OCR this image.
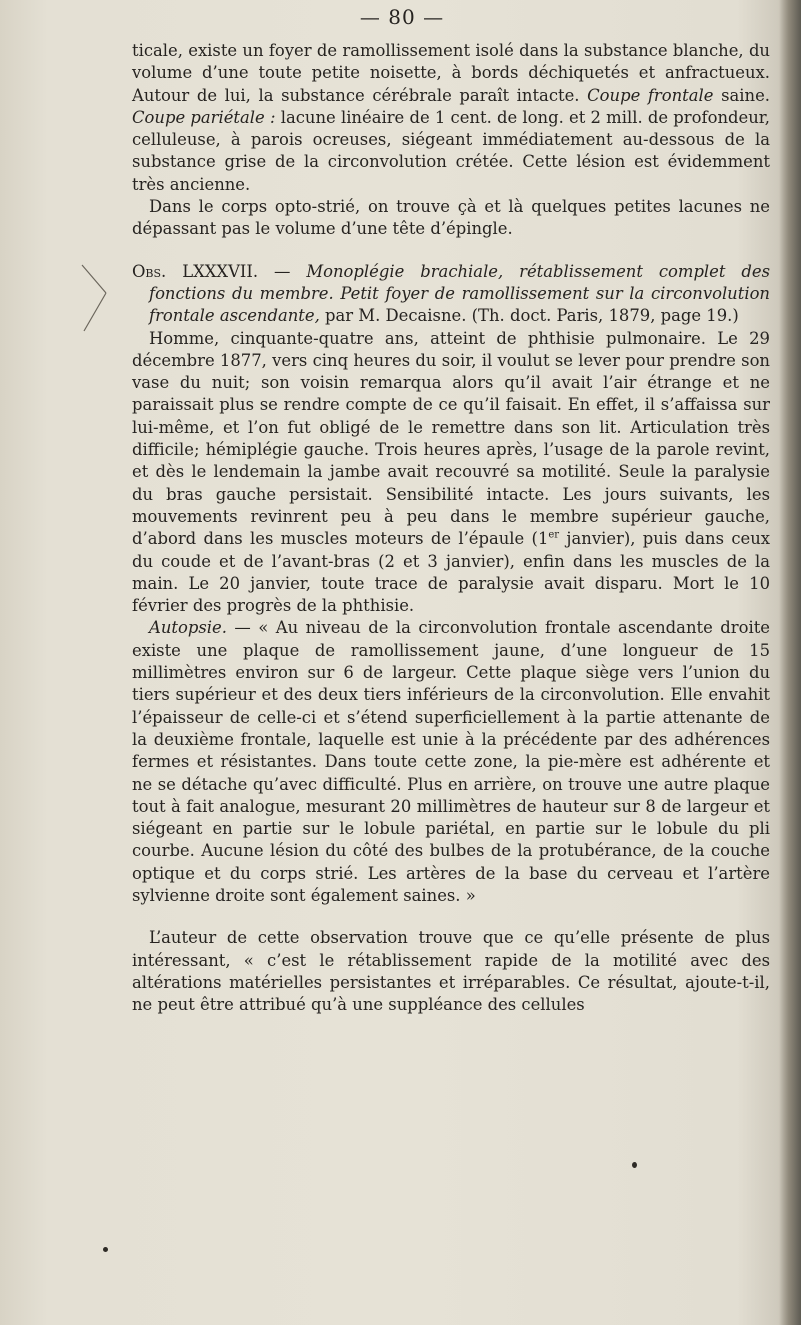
— 80 —

ticale, existe un foyer de ramollissement isolé dans la substance blanche, du volume d’une toute petite noisette, à bords déchiquetés et anfractueux. Autour de lui, la substance cérébrale paraît intacte. Coupe frontale saine. Coupe pariétale : lacune linéaire de 1 cent. de long. et 2 mill. de profondeur, celluleuse, à parois ocreuses, siégeant immédiatement au-dessous de la substance grise de la circonvolution crétée. Cette lésion est évidemment très ancienne.

Dans le corps opto-strié, on trouve çà et là quelques petites lacunes ne dépassant pas le volume d’une tête d’épingle.

Obs. LXXXVII. — Monoplégie brachiale, rétablissement complet des fonctions du membre. Petit foyer de ramollissement sur la circonvolution frontale ascendante, par M. Decaisne. (Th. doct. Paris, 1879, page 19.)

Homme, cinquante-quatre ans, atteint de phthisie pulmonaire. Le 29 décembre 1877, vers cinq heures du soir, il voulut se lever pour prendre son vase du nuit; son voisin remarqua alors qu’il avait l’air étrange et ne paraissait plus se rendre compte de ce qu’il faisait. En effet, il s’affaissa sur lui-même, et l’on fut obligé de le remettre dans son lit. Articulation très difficile; hémiplégie gauche. Trois heures après, l’usage de la parole revint, et dès le lendemain la jambe avait recouvré sa motilité. Seule la paralysie du bras gauche persistait. Sensibilité intacte. Les jours suivants, les mouvements revinrent peu à peu dans le membre supérieur gauche, d’abord dans les muscles moteurs de l’épaule (1er janvier), puis dans ceux du coude et de l’avant-bras (2 et 3 janvier), enfin dans les muscles de la main. Le 20 janvier, toute trace de paralysie avait disparu. Mort le 10 février des progrès de la phthisie.

Autopsie. — « Au niveau de la circonvolution frontale ascendante droite existe une plaque de ramollissement jaune, d’une longueur de 15 millimètres environ sur 6 de largeur. Cette plaque siège vers l’union du tiers supérieur et des deux tiers inférieurs de la circonvolution. Elle envahit l’épaisseur de celle-ci et s’étend superficiellement à la partie attenante de la deuxième frontale, laquelle est unie à la précédente par des adhérences fermes et résistantes. Dans toute cette zone, la pie-mère est adhérente et ne se détache qu’avec difficulté. Plus en arrière, on trouve une autre plaque tout à fait analogue, mesurant 20 millimètres de hauteur sur 8 de largeur et siégeant en partie sur le lobule pariétal, en partie sur le lobule du pli courbe. Aucune lésion du côté des bulbes de la protubérance, de la couche optique et du corps strié. Les artères de la base du cerveau et l’artère sylvienne droite sont également saines. »

L’auteur de cette observation trouve que ce qu’elle présente de plus intéressant, « c’est le rétablissement rapide de la motilité avec des altérations matérielles persistantes et irréparables. Ce résultat, ajoute-t-il, ne peut être attribué qu’à une suppléance des cellules
